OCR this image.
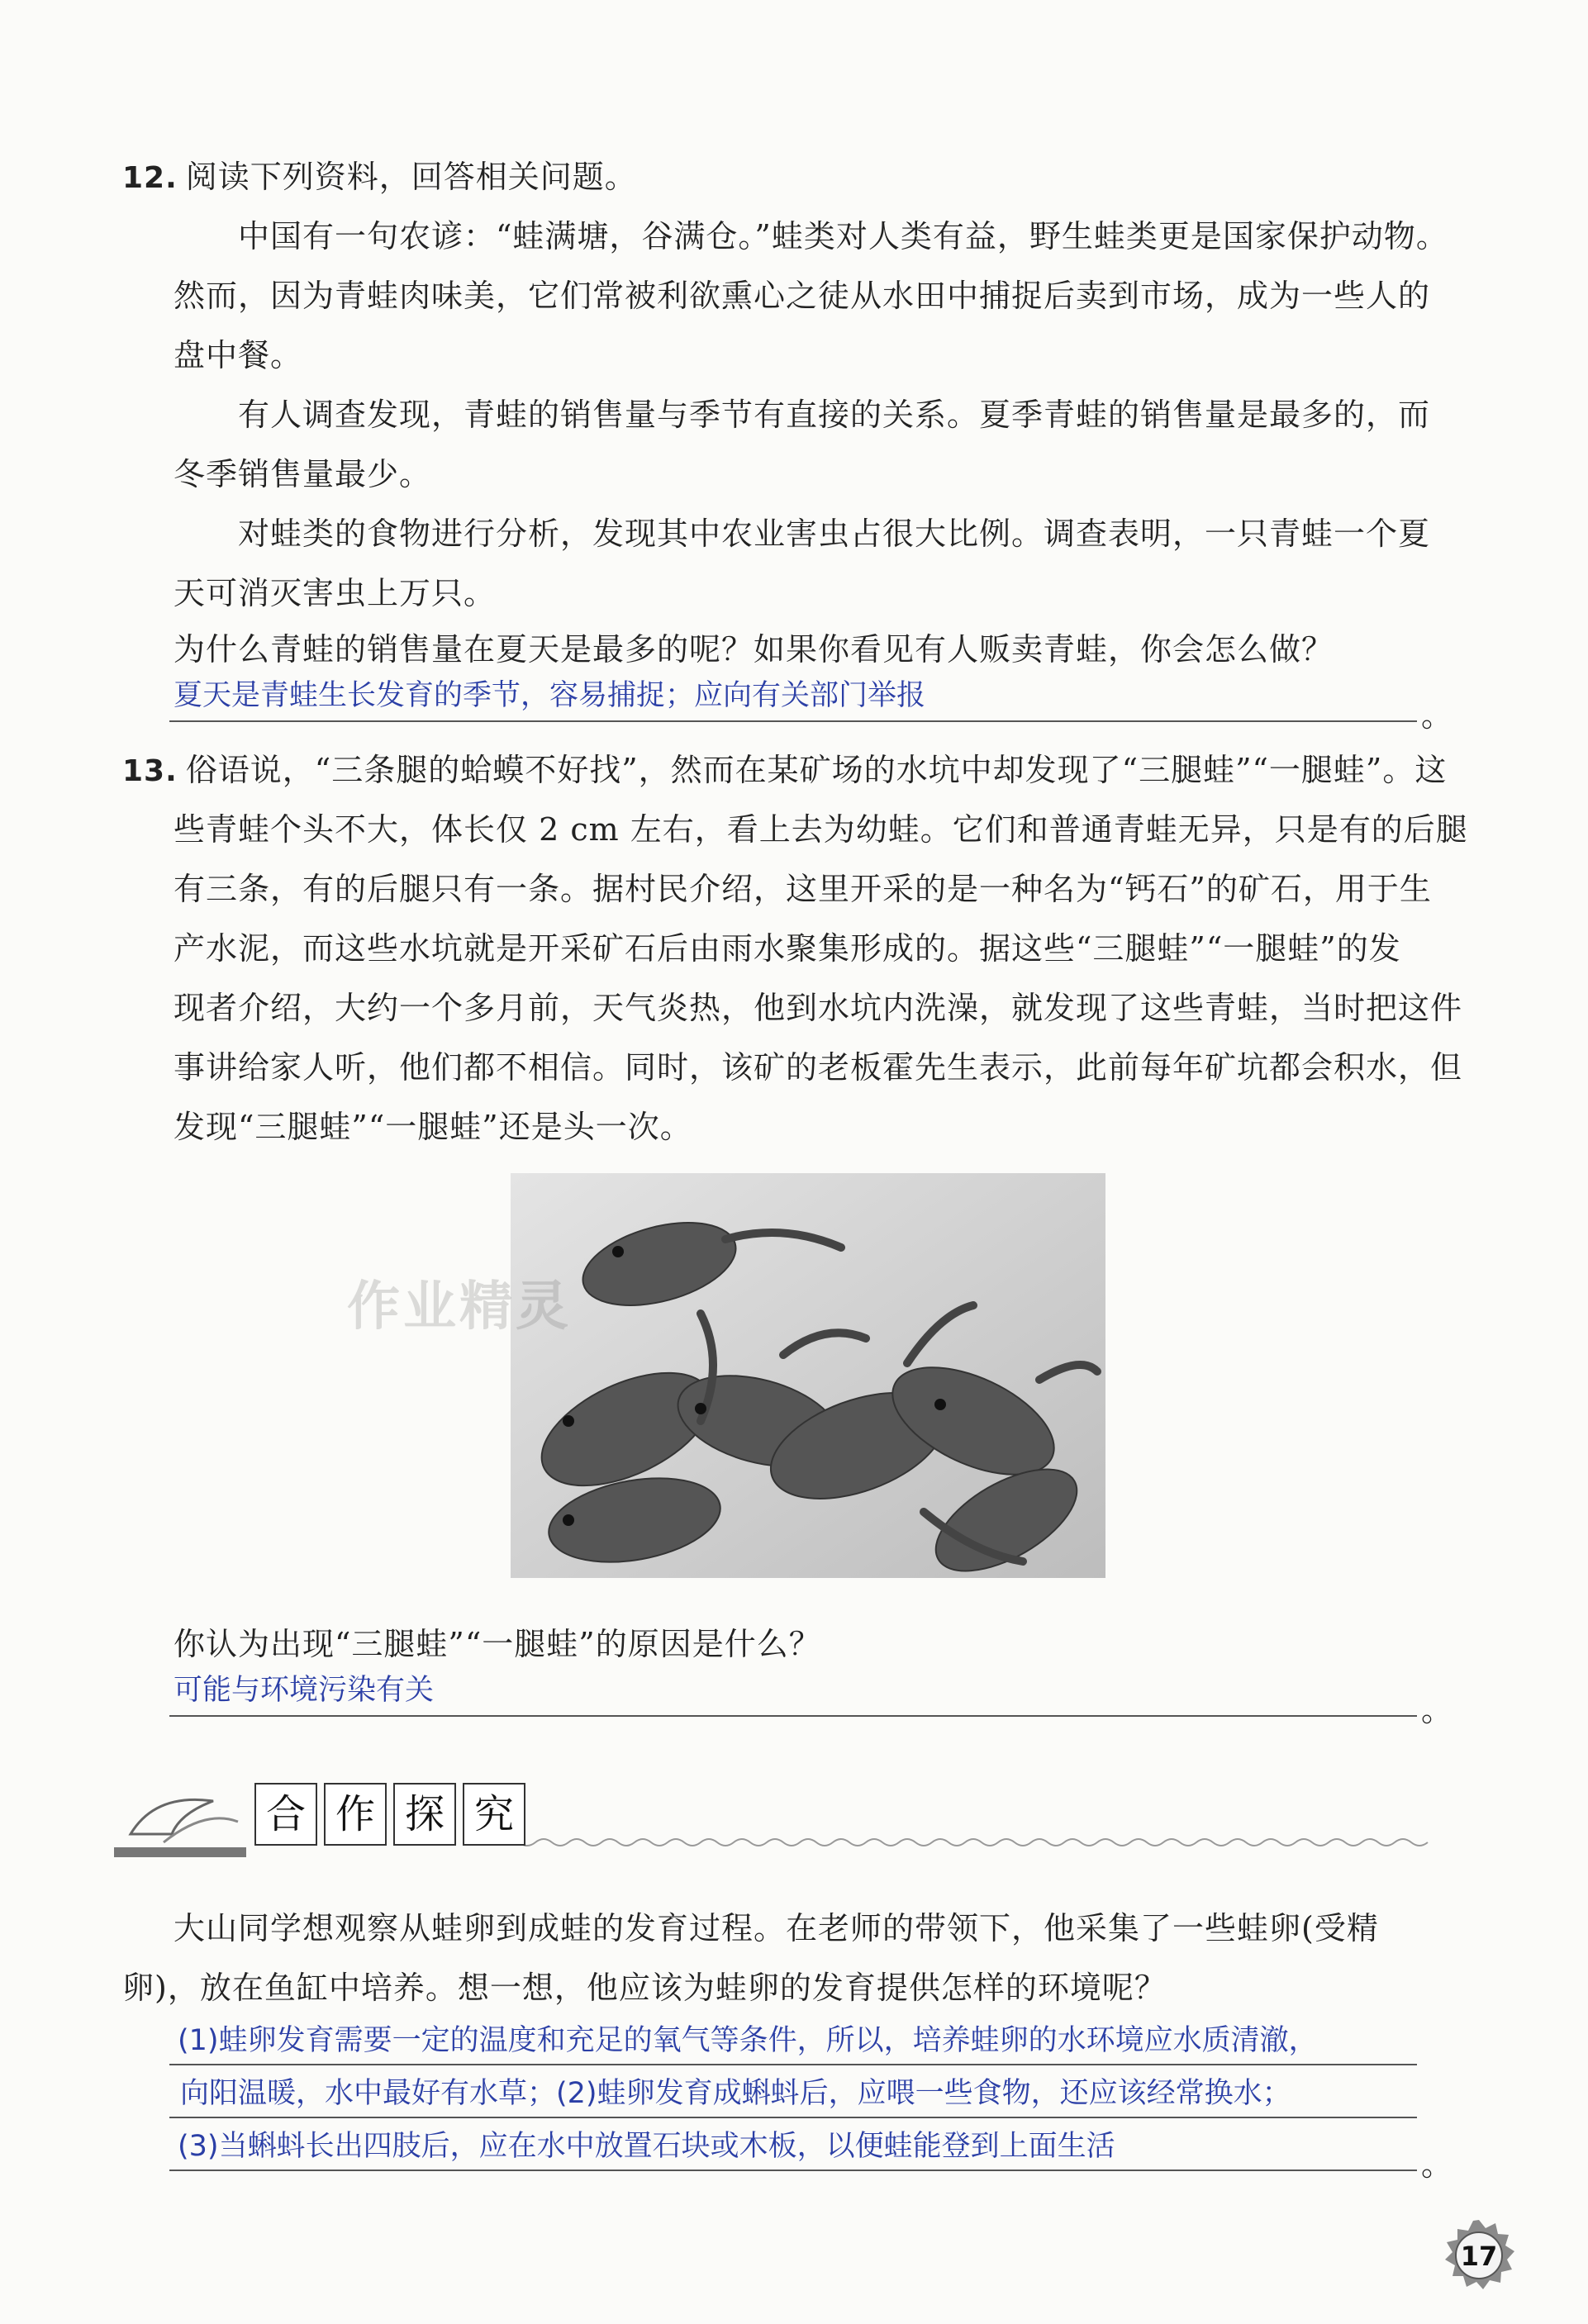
12. 阅读下列资料，回答相关问题。
中国有一句农谚：“蛙满塘，谷满仓。”蛙类对人类有益，野生蛙类更是国家保护动物。
然而，因为青蛙肉味美，它们常被利欲熏心之徒从水田中捕捉后卖到市场，成为一些人的
盘中餐。
有人调查发现，青蛙的销售量与季节有直接的关系。夏季青蛙的销售量是最多的，而
冬季销售量最少。
对蛙类的食物进行分析，发现其中农业害虫占很大比例。调查表明，一只青蛙一个夏
天可消灭害虫上万只。
为什么青蛙的销售量在夏天是最多的呢？如果你看见有人贩卖青蛙，你会怎么做？
夏天是青蛙生长发育的季节，容易捕捉；应向有关部门举报
。
13. 俗语说，“三条腿的蛤蟆不好找”，然而在某矿场的水坑中却发现了“三腿蛙”“一腿蛙”。这
些青蛙个头不大，体长仅 2 cm 左右，看上去为幼蛙。它们和普通青蛙无异，只是有的后腿
有三条，有的后腿只有一条。据村民介绍，这里开采的是一种名为“钙石”的矿石，用于生
产水泥，而这些水坑就是开采矿石后由雨水聚集形成的。据这些“三腿蛙”“一腿蛙”的发
现者介绍，大约一个多月前，天气炎热，他到水坑内洗澡，就发现了这些青蛙，当时把这件
事讲给家人听，他们都不相信。同时，该矿的老板霍先生表示，此前每年矿坑都会积水，但
发现“三腿蛙”“一腿蛙”还是头一次。
作业精灵
你认为出现“三腿蛙”“一腿蛙”的原因是什么？
可能与环境污染有关
。
合 作 探 究
大山同学想观察从蛙卵到成蛙的发育过程。在老师的带领下，他采集了一些蛙卵(受精
卵)，放在鱼缸中培养。想一想，他应该为蛙卵的发育提供怎样的环境呢？
(1)蛙卵发育需要一定的温度和充足的氧气等条件，所以，培养蛙卵的水环境应水质清澈，
向阳温暖，水中最好有水草；(2)蛙卵发育成蝌蚪后，应喂一些食物，还应该经常换水；
(3)当蝌蚪长出四肢后，应在水中放置石块或木板，以便蛙能登到上面生活	。
17
